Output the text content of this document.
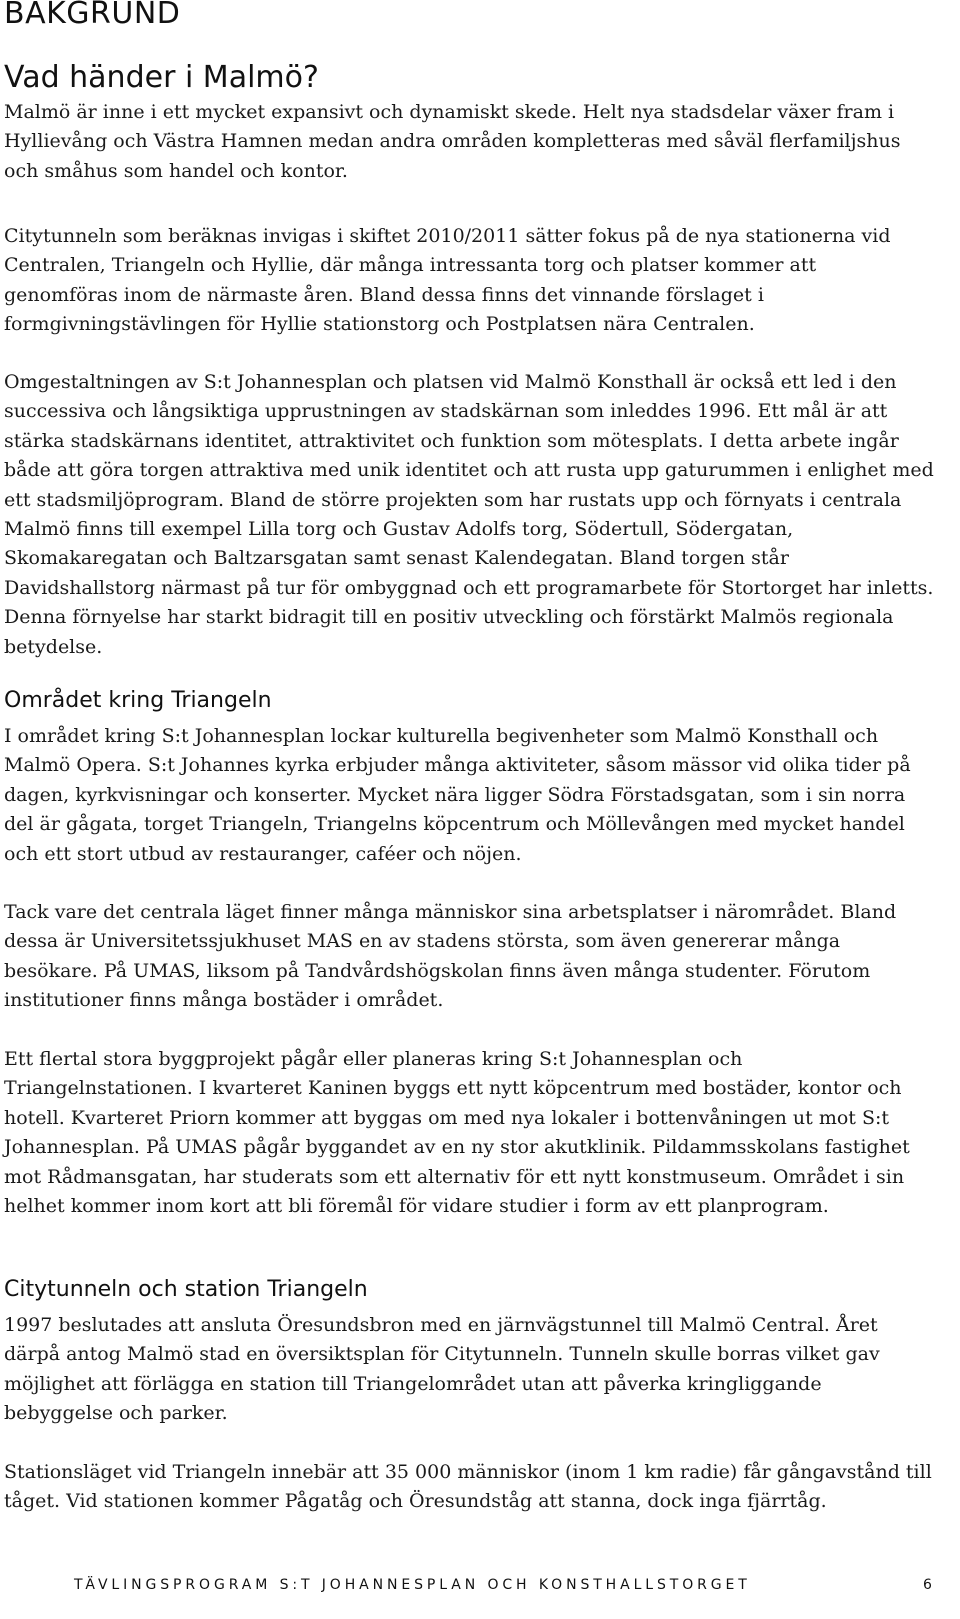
BAKGRUND
Vad händer i Malmö?

Malmö är inne i ett mycket expansivt och dynamiskt skede. Helt nya stadsdelar växer fram i Hyllievång och Västra Hamnen medan andra områden kompletteras med såväl flerfamiljshus och småhus som handel och kontor.

Citytunneln som beräknas invigas i skiftet 2010/2011 sätter fokus på de nya stationerna vid Centralen, Triangeln och Hyllie, där många intressanta torg och platser kommer att genomföras inom de närmaste åren. Bland dessa finns det vinnande förslaget i formgivningstävlingen för Hyllie stationstorg och Postplatsen nära Centralen.

Omgestaltningen av S:t Johannesplan och platsen vid Malmö Konsthall är också ett led i den successiva och långsiktiga upprustningen av stadskärnan som inleddes 1996. Ett mål är att stärka stadskärnans identitet, attraktivitet och funktion som mötesplats. I detta arbete ingår både att göra torgen attraktiva med unik identitet och att rusta upp gaturummen i enlighet med ett stadsmiljöprogram. Bland de större projekten som har rustats upp och förnyats i centrala Malmö finns till exempel Lilla torg och Gustav Adolfs torg, Södertull, Södergatan, Skomakaregatan och Baltzarsgatan samt senast Kalendegatan. Bland torgen står Davidshallstorg närmast på tur för ombyggnad och ett programarbete för Stortorget har inletts. Denna förnyelse har starkt bidragit till en positiv utveckling och förstärkt Malmös regionala betydelse.

Området kring Triangeln

I området kring S:t Johannesplan lockar kulturella begivenheter som Malmö Konsthall och Malmö Opera. S:t Johannes kyrka erbjuder många aktiviteter, såsom mässor vid olika tider på dagen, kyrkvisningar och konserter. Mycket nära ligger Södra Förstadsgatan, som i sin norra del är gågata, torget Triangeln, Triangelns köpcentrum och Möllevången med mycket handel och ett stort utbud av restauranger, caféer och nöjen.

Tack vare det centrala läget finner många människor sina arbetsplatser i närområdet. Bland dessa är Universitetssjukhuset MAS en av stadens största, som även genererar många besökare. På UMAS, liksom på Tandvårdshögskolan finns även många studenter. Förutom institutioner finns många bostäder i området.

Ett flertal stora byggprojekt pågår eller planeras kring S:t Johannesplan och Triangelnstationen. I kvarteret Kaninen byggs ett nytt köpcentrum med bostäder, kontor och hotell. Kvarteret Priorn kommer att byggas om med nya lokaler i bottenvåningen ut mot S:t Johannesplan. På UMAS pågår byggandet av en ny stor akutklinik. Pildammsskolans fastighet mot Rådmansgatan, har studerats som ett alternativ för ett nytt konstmuseum. Området i sin helhet kommer inom kort att bli föremål för vidare studier i form av ett planprogram.

Citytunneln och station Triangeln

1997 beslutades att ansluta Öresundsbron med en järnvägstunnel till Malmö Central. Året därpå antog Malmö stad en översiktsplan för Citytunneln. Tunneln skulle borras vilket gav möjlighet att förlägga en station till Triangelområdet utan att påverka kringliggande bebyggelse och parker.

Stationsläget vid Triangeln innebär att 35 000 människor (inom 1 km radie) får gångavstånd till tåget. Vid stationen kommer Pågatåg och Öresundståg att stanna, dock inga fjärrtåg.

TÄVLINGSPROGRAM S:T JOHANNESPLAN OCH KONSTHALLSTORGET	6
